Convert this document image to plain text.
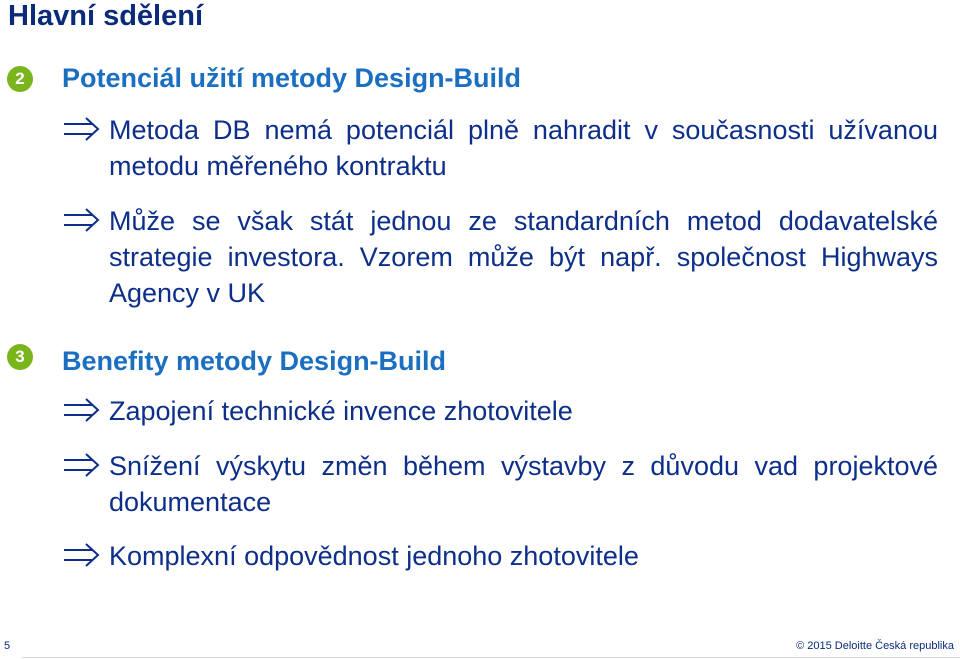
Hlavní sdělení
2	Potenciál užití metody Design-Build
Metoda DB nemá potenciál plně nahradit v současnosti užívanou metodu měřeného kontraktu
Může se však stát jednou ze standardních metod dodavatelské strategie investora. Vzorem může být např. společnost Highways Agency v UK
3	Benefity metody Design-Build
Zapojení technické invence zhotovitele
Snížení výskytu změn během výstavby z důvodu vad projektové dokumentace
Komplexní odpovědnost jednoho zhotovitele
5	© 2015 Deloitte Česká republika
